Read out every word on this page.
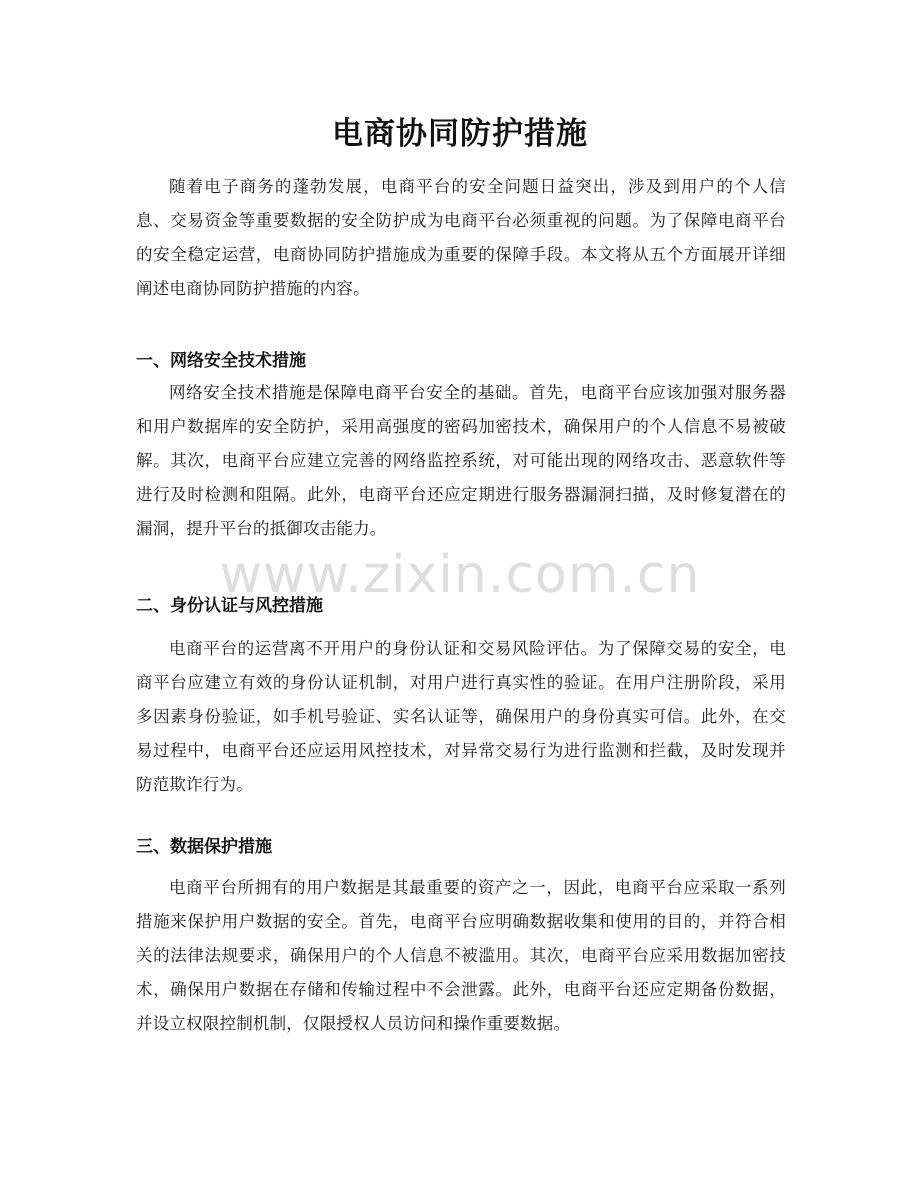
www.zixin.com.cn
电商协同防护措施

随着电子商务的蓬勃发展，电商平台的安全问题日益突出，涉及到用户的个人信息、交易资金等重要数据的安全防护成为电商平台必须重视的问题。为了保障电商平台的安全稳定运营，电商协同防护措施成为重要的保障手段。本文将从五个方面展开详细阐述电商协同防护措施的内容。

一、网络安全技术措施

网络安全技术措施是保障电商平台安全的基础。首先，电商平台应该加强对服务器和用户数据库的安全防护，采用高强度的密码加密技术，确保用户的个人信息不易被破解。其次，电商平台应建立完善的网络监控系统，对可能出现的网络攻击、恶意软件等进行及时检测和阻隔。此外，电商平台还应定期进行服务器漏洞扫描，及时修复潜在的漏洞，提升平台的抵御攻击能力。

二、身份认证与风控措施

电商平台的运营离不开用户的身份认证和交易风险评估。为了保障交易的安全，电商平台应建立有效的身份认证机制，对用户进行真实性的验证。在用户注册阶段，采用多因素身份验证，如手机号验证、实名认证等，确保用户的身份真实可信。此外，在交易过程中，电商平台还应运用风控技术，对异常交易行为进行监测和拦截，及时发现并防范欺诈行为。

三、数据保护措施

电商平台所拥有的用户数据是其最重要的资产之一，因此，电商平台应采取一系列措施来保护用户数据的安全。首先，电商平台应明确数据收集和使用的目的，并符合相关的法律法规要求，确保用户的个人信息不被滥用。其次，电商平台应采用数据加密技术，确保用户数据在存储和传输过程中不会泄露。此外，电商平台还应定期备份数据，并设立权限控制机制，仅限授权人员访问和操作重要数据。
